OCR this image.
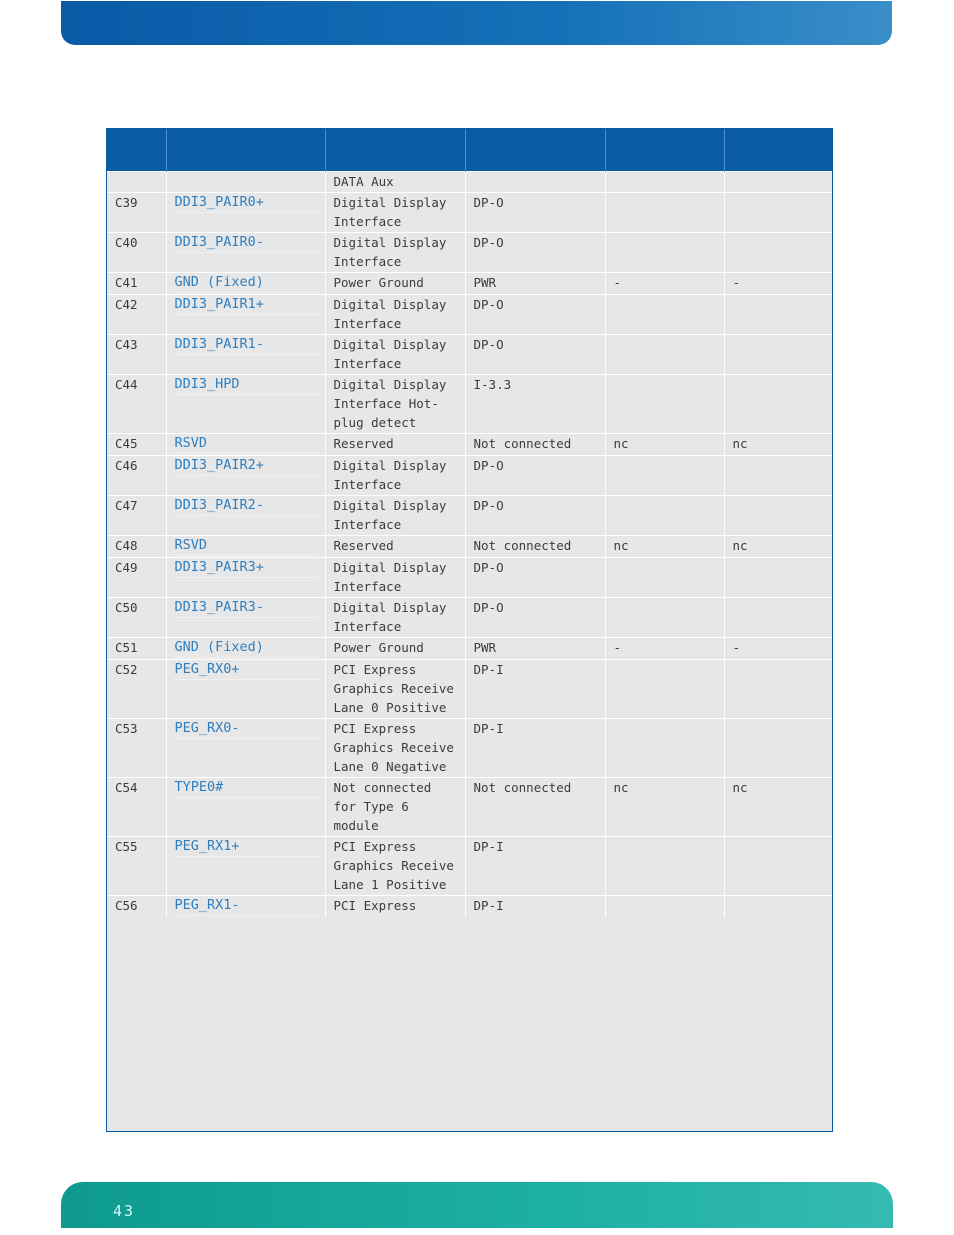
		DATA Aux			
C39	DDI3_PAIR0+	Digital Display Interface	DP-O		
C40	DDI3_PAIR0-	Digital Display Interface	DP-O		
C41	GND (Fixed)	Power Ground	PWR	-	-
C42	DDI3_PAIR1+	Digital Display Interface	DP-O		
C43	DDI3_PAIR1-	Digital Display Interface	DP-O		
C44	DDI3_HPD	Digital Display Interface Hot-plug detect	I-3.3		
C45	RSVD	Reserved	Not connected	nc	nc
C46	DDI3_PAIR2+	Digital Display Interface	DP-O		
C47	DDI3_PAIR2-	Digital Display Interface	DP-O		
C48	RSVD	Reserved	Not connected	nc	nc
C49	DDI3_PAIR3+	Digital Display Interface	DP-O		
C50	DDI3_PAIR3-	Digital Display Interface	DP-O		
C51	GND (Fixed)	Power Ground	PWR	-	-
C52	PEG_RX0+	PCI Express Graphics Receive Lane 0 Positive	DP-I		
C53	PEG_RX0-	PCI Express Graphics Receive Lane 0 Negative	DP-I		
C54	TYPE0#	Not connected for Type 6 module	Not connected	nc	nc
C55	PEG_RX1+	PCI Express Graphics Receive Lane 1 Positive	DP-I		
C56	PEG_RX1-	PCI Express	DP-I		
43
